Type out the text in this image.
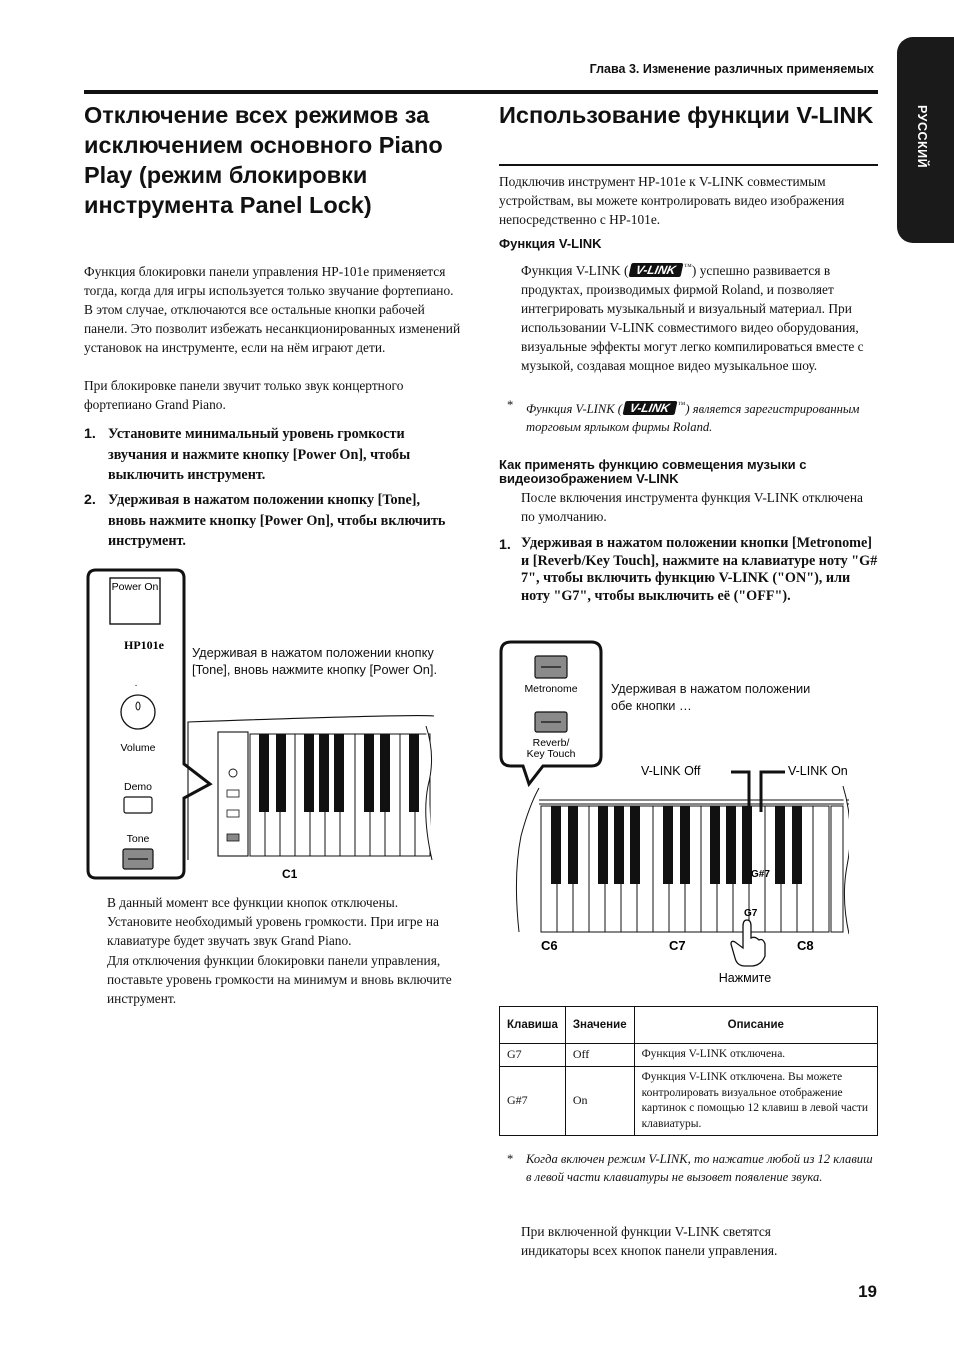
Глава 3. Изменение различных применяемых
РУССКИЙ
Отключение всех режимов за исключением основного Piano Play (режим блокировки инструмента Panel Lock)
Функция блокировки панели управления HP-101e применяется тогда, когда для игры используется только звучание фортепиано. В этом случае, отключаются все остальные кнопки рабочей панели. Это позволит избежать несанкционированных изменений установок на инструменте, если на нём играют дети.
При блокировке панели звучит только звук концертного фортепиано Grand Piano.
1. Установите минимальный уровень громкости звучания и нажмите кнопку [Power On], чтобы выключить инструмент.
2. Удерживая в нажатом положении кнопку [Tone], вновь нажмите кнопку [Power On], чтобы включить инструмент.
Power On
HP101e
·
Volume
Demo
Tone
C1
Удерживая в нажатом положении кнопку [Tone], вновь нажмите кнопку [Power On].
В данный момент все функции кнопок отключены. Установите необходимый уровень громкости. При игре на клавиатуре будет звучать звук Grand Piano.
Для отключения функции блокировки панели управления, поставьте уровень громкости на минимум и вновь включите инструмент.
Использование функции V-LINK
Подключив инструмент HP-101e к V-LINK совместимым устройствам, вы можете контролировать видео изображения непосредственно с HP-101e.
Функция V-LINK
Функция V-LINK ( V-LINK ™) успешно развивается в продуктах, производимых фирмой Roland, и позволяет интегрировать музыкальный и визуальный материал. При использовании V-LINK совместимого видео оборудования, визуальные эффекты могут легко компилироваться вместе с музыкой, создавая мощное видео музыкальное шоу.
* Функция V-LINK ( V-LINK ™) является зарегистрированным торговым ярлыком фирмы Roland.
Как применять функцию совмещения музыки с видеоизображением V-LINK
После включения инструмента функция V-LINK отключена по умолчанию.
1. Удерживая в нажатом положении кнопки [Metronome] и [Reverb/Key Touch], нажмите на клавиатуре ноту "G# 7", чтобы включить функцию V-LINK ("ON"), или ноту "G7", чтобы выключить её ("OFF").
Metronome
Reverb/
Key Touch
V-LINK Off	V-LINK On
G#7
G7
C6	C7	C8
Нажмите
Удерживая в нажатом положении обе кнопки …
Клавиша	Значение	Описание
G7	Off	Функция V-LINK отключена.
G#7	On	Функция V-LINK отключена. Вы можете контролировать визуальное отображение картинок с помощью 12 клавиш в левой части клавиатуры.
* Когда включен режим V-LINK, то нажатие любой из 12 клавиш в левой части клавиатуры не вызовет появление звука.
При включенной функции V-LINK светятся индикаторы всех кнопок панели управления.
19
